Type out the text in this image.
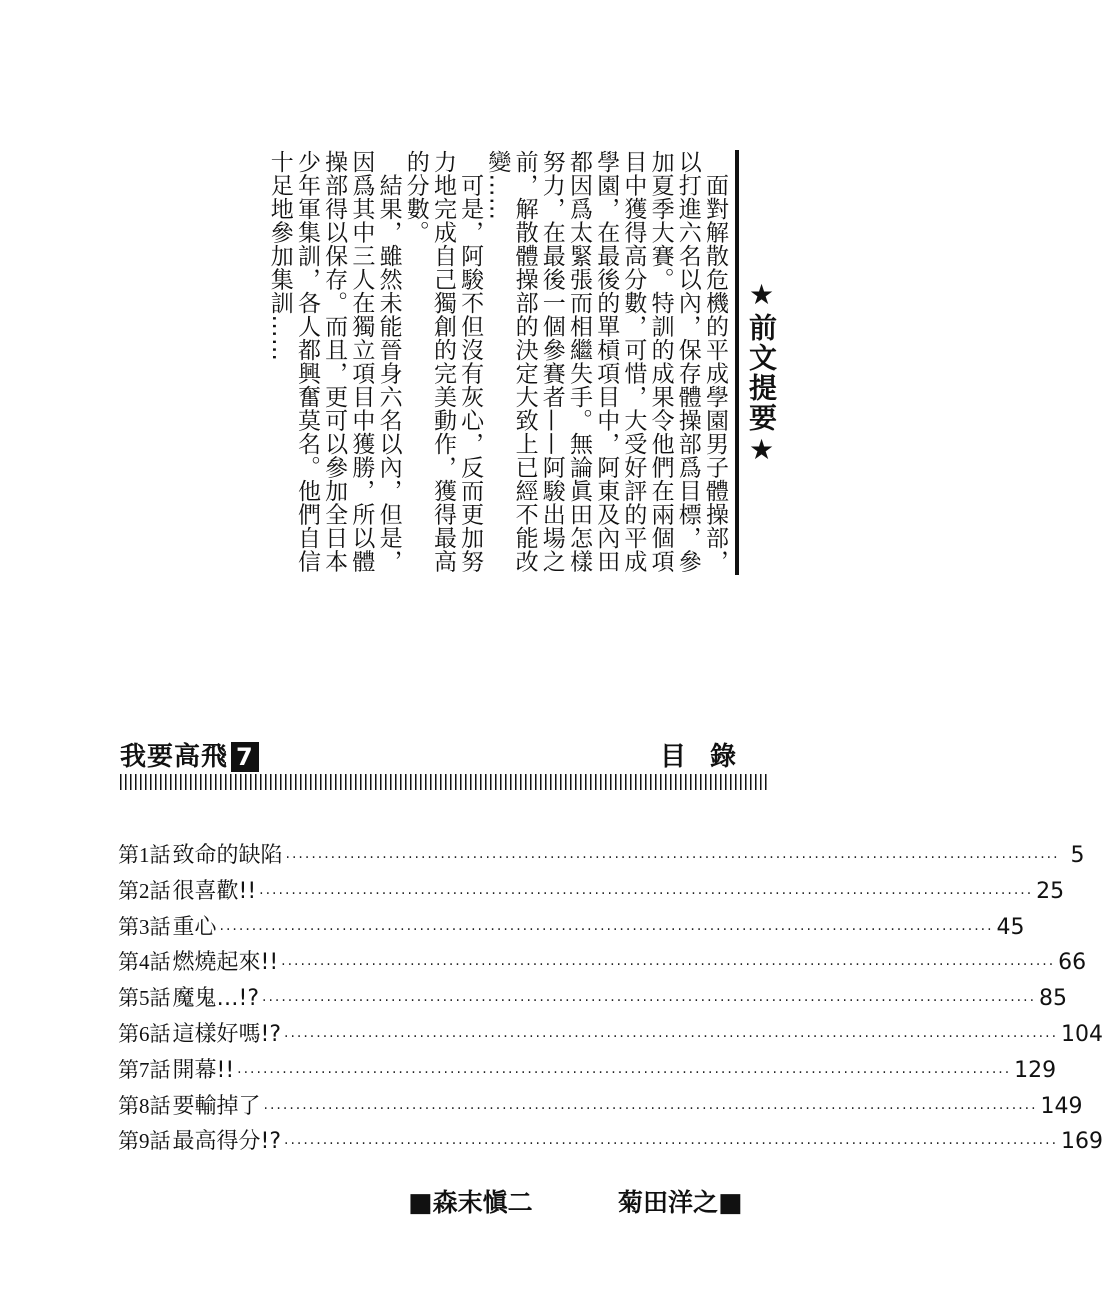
★前文提要★

　面對解散危機的平成學園男子體操部，以打進六名以內，保存體操部爲目標，參加夏季大賽。特訓的成果令他們在兩個項目中獲得高分數，可惜，大受好評的平成學園，在最後的單槓項目中，阿東及內田都因爲太緊張而相繼失手。無論眞田怎樣努力，在最後一個參賽者——阿駿出場之前，解散體操部的決定大致上已經不能改變……

　可是，阿駿不但沒有灰心，反而更加努力地完成自己獨創的完美動作，獲得最高的分數。

　結果，雖然未能晉身六名以內，但是，因爲其中三人在獨立項目中獲勝，所以體操部得以保存。而且，更可以參加全日本少年軍集訓，各人都興奮莫名。他們自信十足地參加集訓……

我要高飛 7	目錄
第1話 致命的缺陷 ························································································································ 5
第2話 很喜歡!! ························································································································ 25
第3話 重心 ························································································································ 45
第4話 燃燒起來!! ························································································································ 66
第5話 魔鬼…!? ························································································································ 85
第6話 這樣好嗎!? ························································································································ 104
第7話 開幕!! ························································································································ 129
第8話 要輸掉了 ························································································································ 149
第9話 最高得分!? ························································································································ 169
■森末愼二	菊田洋之■
